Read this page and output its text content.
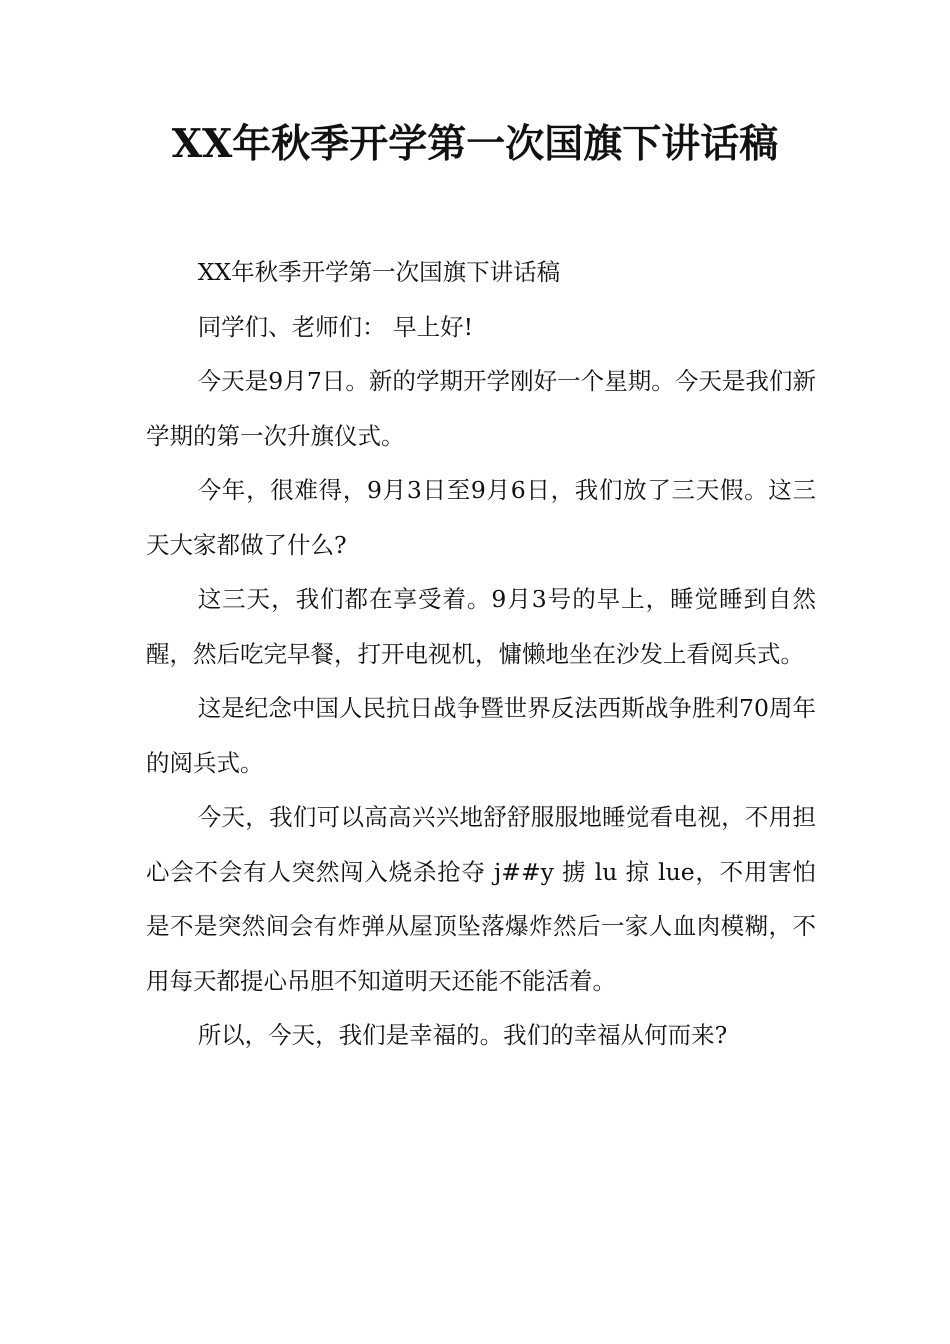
XX年秋季开学第一次国旗下讲话稿

XX年秋季开学第一次国旗下讲话稿

同学们、老师们： 早上好!

今天是9月7日。新的学期开学刚好一个星期。今天是我们新学期的第一次升旗仪式。

今年，很难得，9月3日至9月6日，我们放了三天假。这三天大家都做了什么?

这三天，我们都在享受着。9月3号的早上，睡觉睡到自然醒，然后吃完早餐，打开电视机，慵懒地坐在沙发上看阅兵式。

这是纪念中国人民抗日战争暨世界反法西斯战争胜利70周年的阅兵式。

今天，我们可以高高兴兴地舒舒服服地睡觉看电视，不用担心会不会有人突然闯入烧杀抢夺 j##y 掳 lu 掠 lue，不用害怕是不是突然间会有炸弹从屋顶坠落爆炸然后一家人血肉模糊，不用每天都提心吊胆不知道明天还能不能活着。

所以，今天，我们是幸福的。我们的幸福从何而来?
